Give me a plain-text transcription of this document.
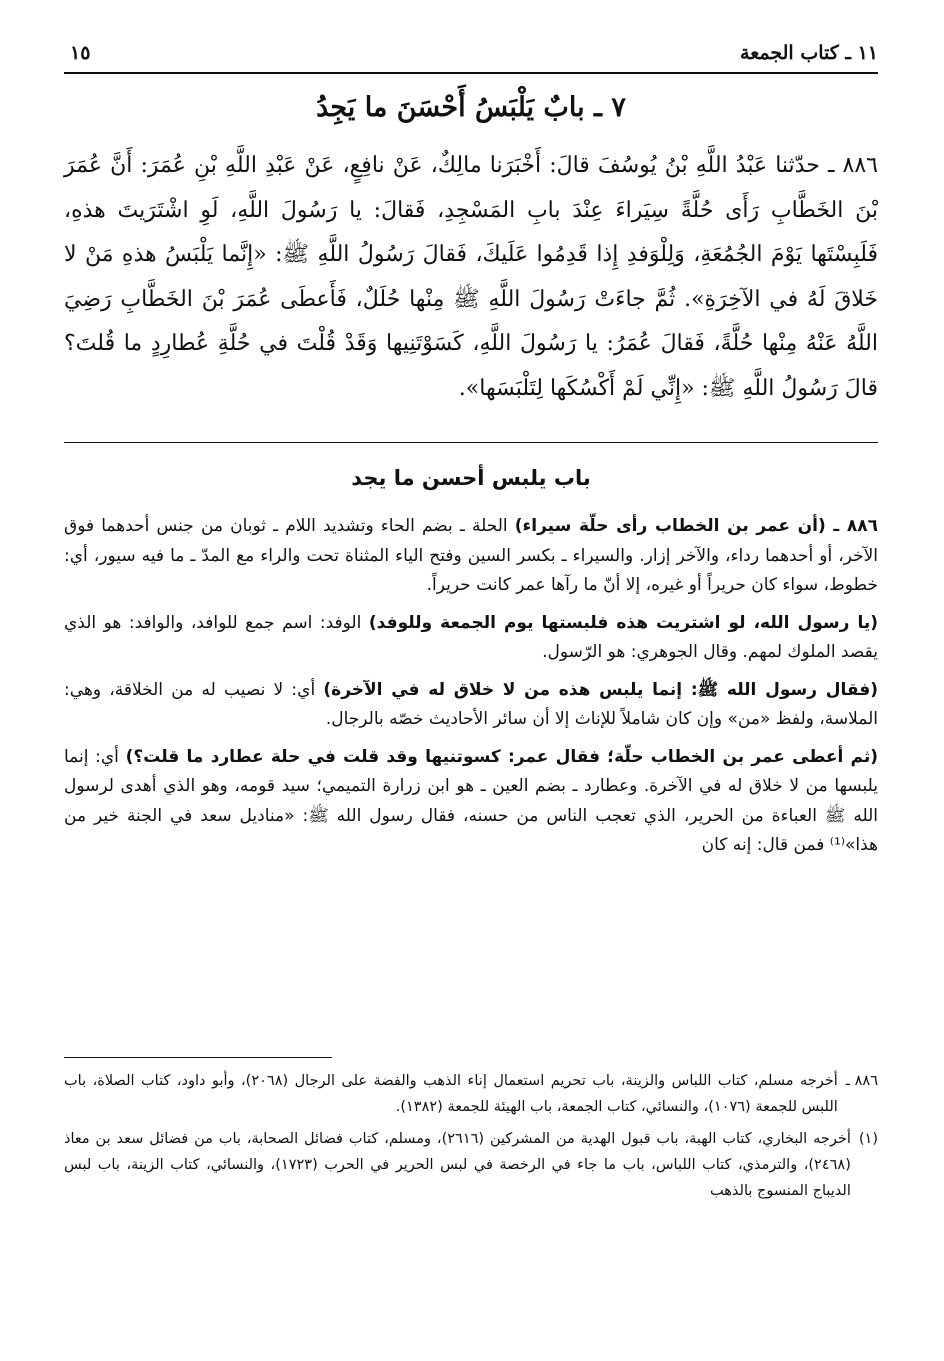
١١ ـ كتاب الجمعة
١٥
٧ ـ بابٌ يَلْبَسُ أَحْسَنَ ما يَجِدُ

٨٨٦ ـ حدّثنا عَبْدُ اللَّهِ بْنُ يُوسُفَ قالَ: أَخْبَرَنا مالِكٌ، عَنْ نافِعٍ، عَنْ عَبْدِ اللَّهِ بْنِ عُمَرَ: أَنَّ عُمَرَ بْنَ الخَطَّابِ رَأَى حُلَّةً سِيَراءَ عِنْدَ بابِ المَسْجِدِ، فَقالَ: يا رَسُولَ اللَّهِ، لَوِ اشْتَرَيتَ هذهِ، فَلَبِسْتَها يَوْمَ الجُمُعَةِ، وَلِلْوَفدِ إِذا قَدِمُوا عَلَيكَ، فَقالَ رَسُولُ اللَّهِ ﷺ: «إِنَّما يَلْبَسُ هذهِ مَنْ لا خَلاقَ لَهُ في الآخِرَةِ». ثُمَّ جاءَتْ رَسُولَ اللَّهِ ﷺ مِنْها حُلَلٌ، فَأَعطَى عُمَرَ بْنَ الخَطَّابِ رَضِيَ اللَّهُ عَنْهُ مِنْها حُلَّةً، فَقالَ عُمَرُ: يا رَسُولَ اللَّهِ، كَسَوْتَنِيها وَقَدْ قُلْتَ في حُلَّةِ عُطارِدٍ ما قُلتَ؟ قالَ رَسُولُ اللَّهِ ﷺ: «إِنِّي لَمْ أَكْسُكَها لِتَلْبَسَها».

باب يلبس أحسن ما يجد

٨٨٦ ـ (أن عمر بن الخطاب رأى حلّة سيراء) الحلة ـ بضم الحاء وتشديد اللام ـ ثوبان من جنس أحدهما فوق الآخر، أو أحدهما رداء، والآخر إزار. والسيراء ـ بكسر السين وفتح الياء المثناة تحت والراء مع المدّ ـ ما فيه سيور، أي: خطوط، سواء كان حريراً أو غيره، إلا أنّ ما رآها عمر كانت حريراً.

(يا رسول الله، لو اشتريت هذه فلبستها يوم الجمعة وللوفد) الوفد: اسم جمع للوافد، والوافد: هو الذي يقصد الملوك لمهم. وقال الجوهري: هو الرّسول.

(فقال رسول الله ﷺ: إنما يلبس هذه من لا خلاق له في الآخرة) أي: لا نصيب له من الخلاقة، وهي: الملاسة، ولفظ «من» وإن كان شاملاً للإناث إلا أن سائر الأحاديث خصّه بالرجال.

(ثم أعطى عمر بن الخطاب حلّة؛ فقال عمر: كسوتنيها وقد قلت في حلة عطارد ما قلت؟) أي: إنما يلبسها من لا خلاق له في الآخرة. وعطارد ـ بضم العين ـ هو ابن زرارة التميمي؛ سيد قومه، وهو الذي أهدى لرسول الله ﷺ العباءة من الحرير، الذي تعجب الناس من حسنه، فقال رسول الله ﷺ: «مناديل سعد في الجنة خير من هذا»⁽¹⁾ فمن قال: إنه كان

٨٨٦ ـ
أخرجه مسلم، كتاب اللباس والزينة، باب تحريم استعمال إناء الذهب والفضة على الرجال (٢٠٦٨)، وأبو داود، كتاب الصلاة، باب اللبس للجمعة (١٠٧٦)، والنسائي، كتاب الجمعة، باب الهيئة للجمعة (١٣٨٢).
(١)
أخرجه البخاري، كتاب الهبة، باب قبول الهدية من المشركين (٢٦١٦)، ومسلم، كتاب فضائل الصحابة، باب من فضائل سعد بن معاذ (٢٤٦٨)، والترمذي، كتاب اللباس، باب ما جاء في الرخصة في لبس الحرير في الحرب (١٧٢٣)، والنسائي، كتاب الزينة، باب لبس الديباج المنسوج بالذهب
